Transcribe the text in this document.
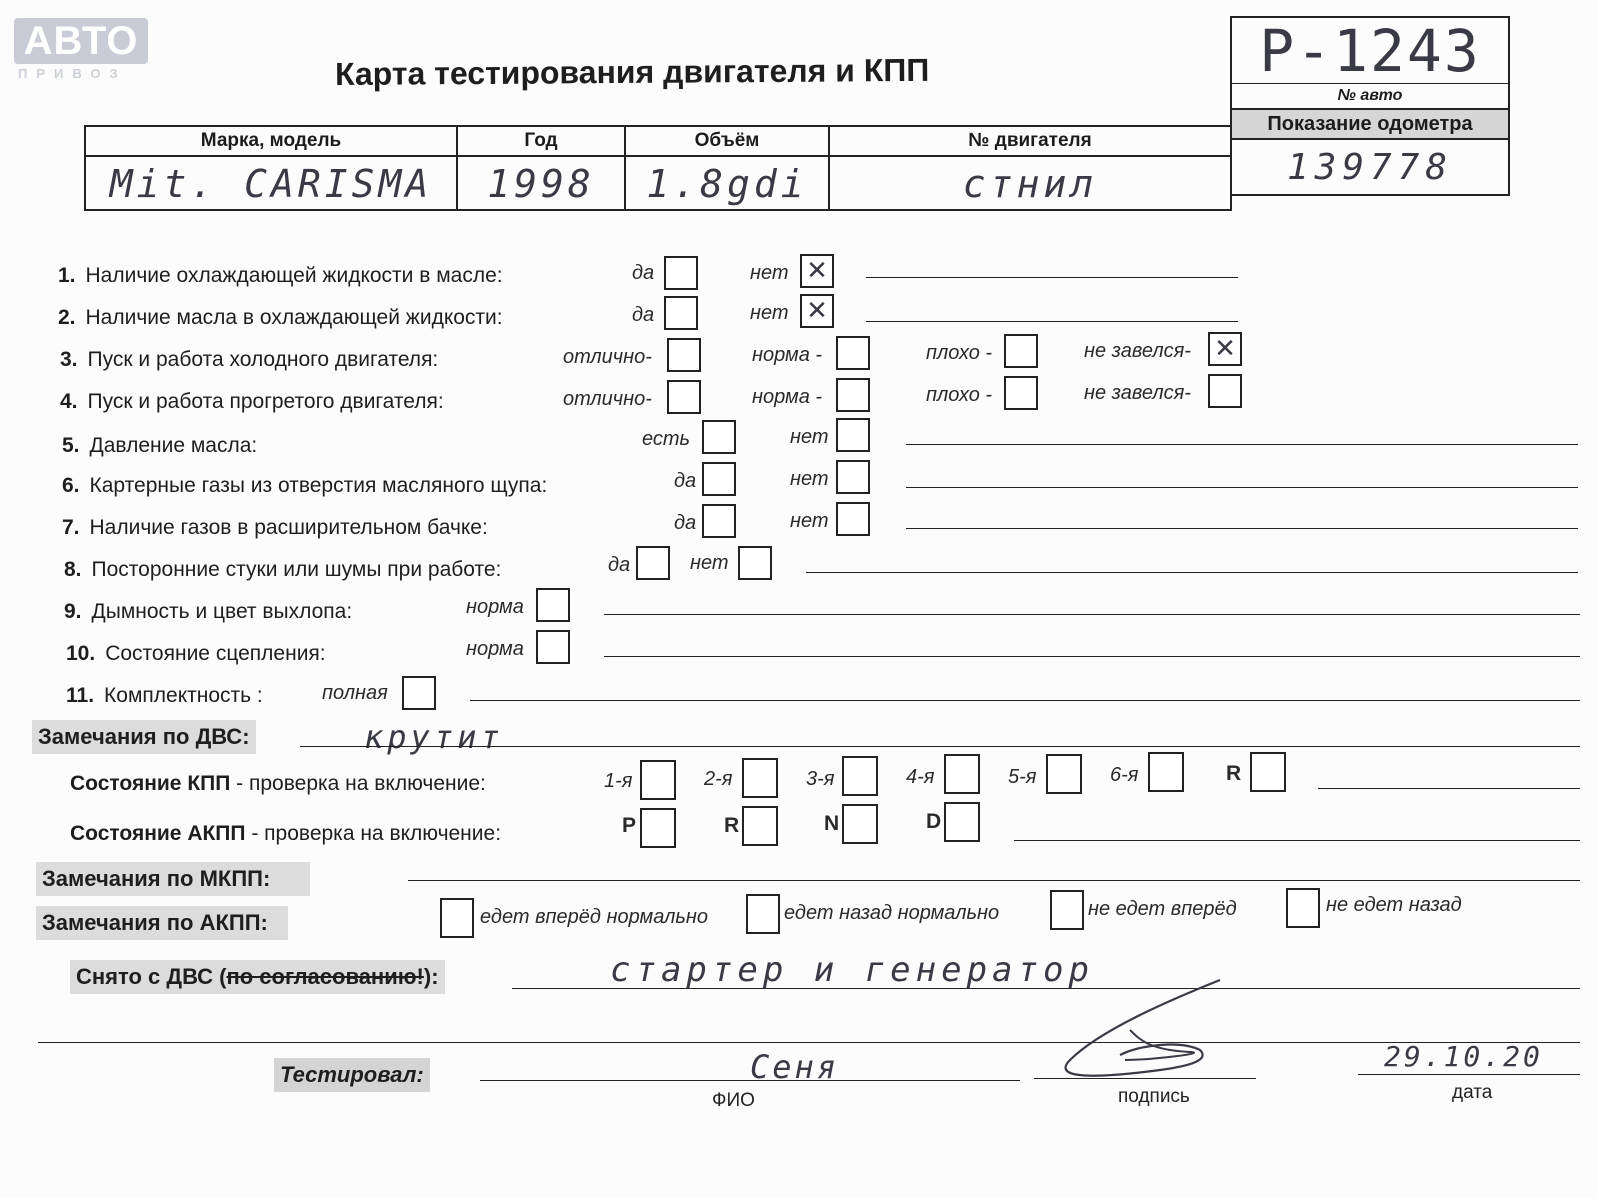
АВТО
ПРИВОЗ	Карта тестирования двигателя и КПП	Р-1243
№ авто
Марка, модель	Год	Объём	№ двигателя
Показание одометра
Mit. CARISMA	1998	1.8gdi	стнил	139778
1. Наличие охлаждающей жидкости в масле:	да	нет ✕
2. Наличие масла в охлаждающей жидкости:	да	нет ✕
3. Пуск и работа холодного двигателя:	отлично-	норма -	плохо -	не завелся- ✕
4. Пуск и работа прогретого двигателя:	отлично-	норма -	плохо -	не завелся-
5. Давление масла:	есть	нет
6. Картерные газы из отверстия масляного щупа:	да	нет
7. Наличие газов в расширительном бачке:	да	нет
8. Посторонние стуки или шумы при работе:	да	нет
9. Дымность и цвет выхлопа:	норма
10. Состояние сцепления:	норма
11. Комплектность :	полная
Замечания по ДВС:	крутит
Состояние КПП - проверка на включение:	1-я	2-я	3-я	4-я	5-я	6-я	R
Состояние АКПП - проверка на включение:	P	R	N	D
Замечания по МКПП:
Замечания по АКПП:	едет вперёд нормально	едет назад нормально	не едет вперёд	не едет назад
Снято с ДВС (по согласованию!):	стартер и генератор
Тестировал:	Сеня
ФИО	подпись
29.10.20
дата
